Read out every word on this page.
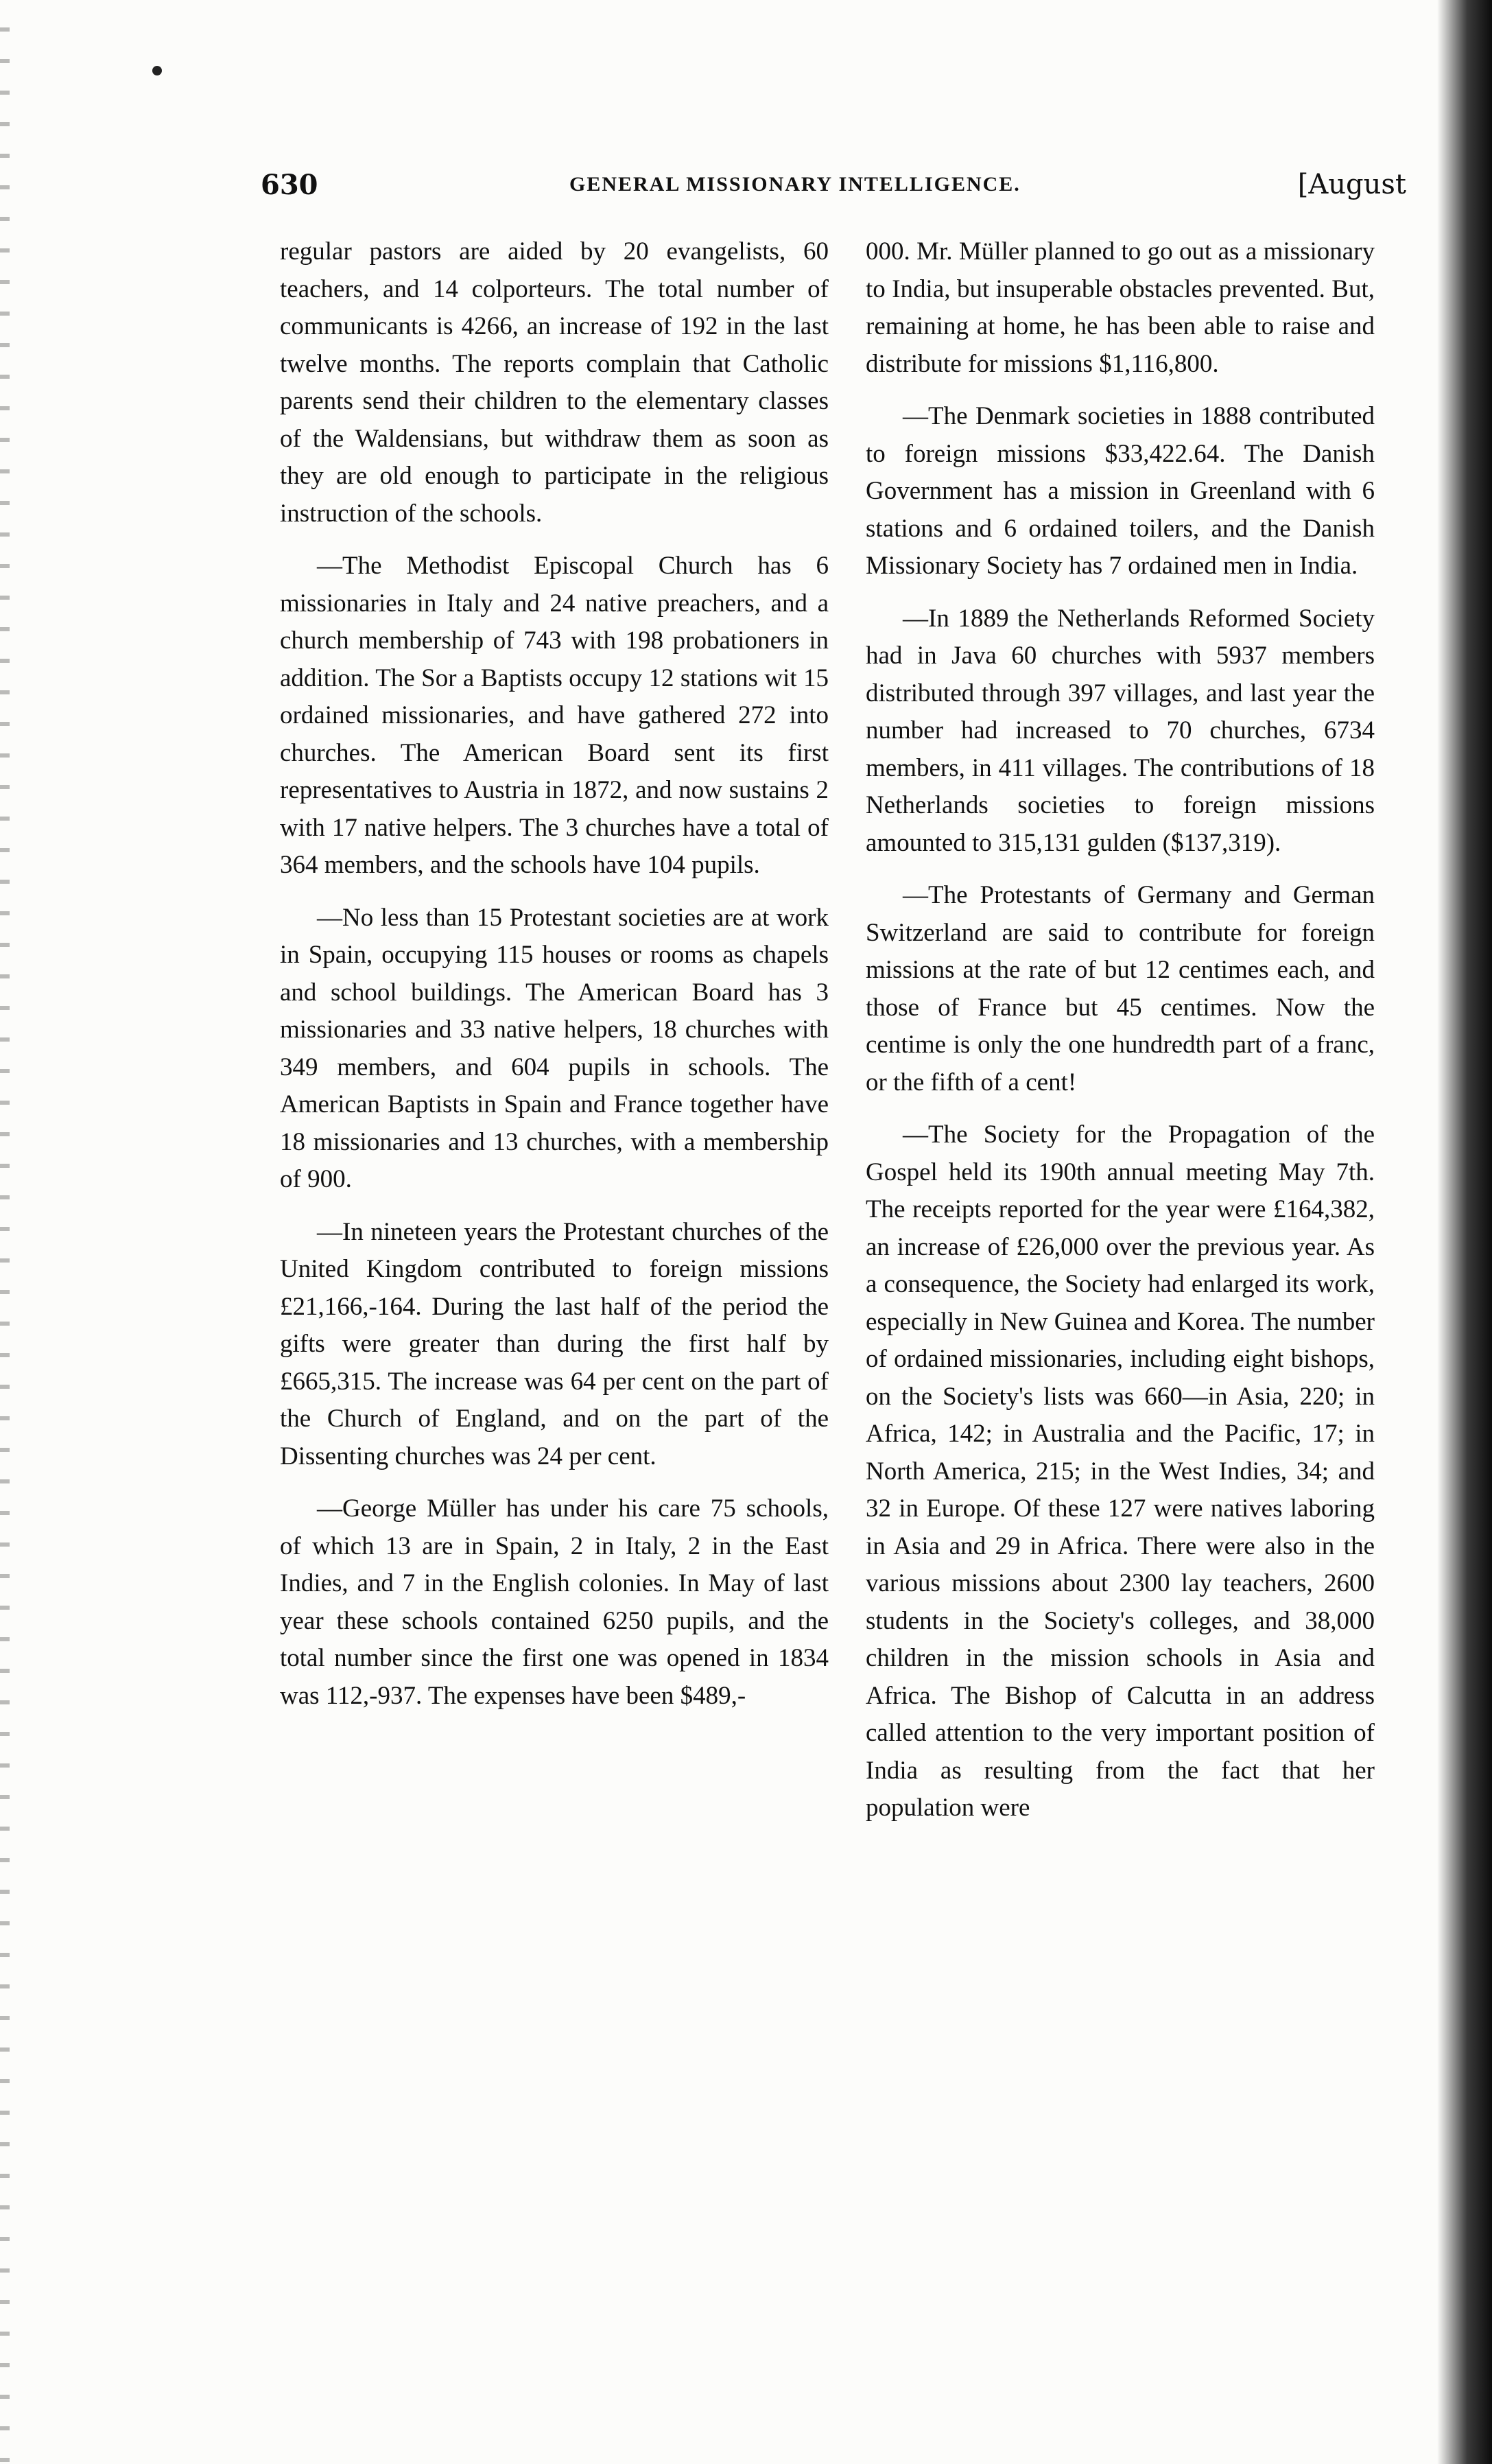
630	GENERAL MISSIONARY INTELLIGENCE.	[August

regular pastors are aided by 20 evangelists, 60 teachers, and 14 colporteurs. The total number of communicants is 4266, an increase of 192 in the last twelve months. The reports complain that Catholic parents send their children to the elementary classes of the Waldensians, but withdraw them as soon as they are old enough to participate in the religious instruction of the schools.

—The Methodist Episcopal Church has 6 missionaries in Italy and 24 native preachers, and a church membership of 743 with 198 probationers in addition. The Sor a Baptists occupy 12 stations wit 15 ordained missionaries, and have gathered 272 into churches. The American Board sent its first representatives to Austria in 1872, and now sustains 2 with 17 native helpers. The 3 churches have a total of 364 members, and the schools have 104 pupils.

—No less than 15 Protestant societies are at work in Spain, occupying 115 houses or rooms as chapels and school buildings. The American Board has 3 missionaries and 33 native helpers, 18 churches with 349 members, and 604 pupils in schools. The American Baptists in Spain and France together have 18 missionaries and 13 churches, with a membership of 900.

—In nineteen years the Protestant churches of the United Kingdom contributed to foreign missions £21,166,-164. During the last half of the period the gifts were greater than during the first half by £665,315. The increase was 64 per cent on the part of the Church of England, and on the part of the Dissenting churches was 24 per cent.

—George Müller has under his care 75 schools, of which 13 are in Spain, 2 in Italy, 2 in the East Indies, and 7 in the English colonies. In May of last year these schools contained 6250 pupils, and the total number since the first one was opened in 1834 was 112,-937. The expenses have been $489,-

000. Mr. Müller planned to go out as a missionary to India, but insuperable obstacles prevented. But, remaining at home, he has been able to raise and distribute for missions $1,116,800.

—The Denmark societies in 1888 contributed to foreign missions $33,422.64. The Danish Government has a mission in Greenland with 6 stations and 6 ordained toilers, and the Danish Missionary Society has 7 ordained men in India.

—In 1889 the Netherlands Reformed Society had in Java 60 churches with 5937 members distributed through 397 villages, and last year the number had increased to 70 churches, 6734 members, in 411 villages. The contributions of 18 Netherlands societies to foreign missions amounted to 315,131 gulden ($137,319).

—The Protestants of Germany and German Switzerland are said to contribute for foreign missions at the rate of but 12 centimes each, and those of France but 45 centimes. Now the centime is only the one hundredth part of a franc, or the fifth of a cent!

—The Society for the Propagation of the Gospel held its 190th annual meeting May 7th. The receipts reported for the year were £164,382, an increase of £26,000 over the previous year. As a consequence, the Society had enlarged its work, especially in New Guinea and Korea. The number of ordained missionaries, including eight bishops, on the Society's lists was 660—in Asia, 220; in Africa, 142; in Australia and the Pacific, 17; in North America, 215; in the West Indies, 34; and 32 in Europe. Of these 127 were natives laboring in Asia and 29 in Africa. There were also in the various missions about 2300 lay teachers, 2600 students in the Society's colleges, and 38,000 children in the mission schools in Asia and Africa. The Bishop of Calcutta in an address called attention to the very important position of India as resulting from the fact that her population were
